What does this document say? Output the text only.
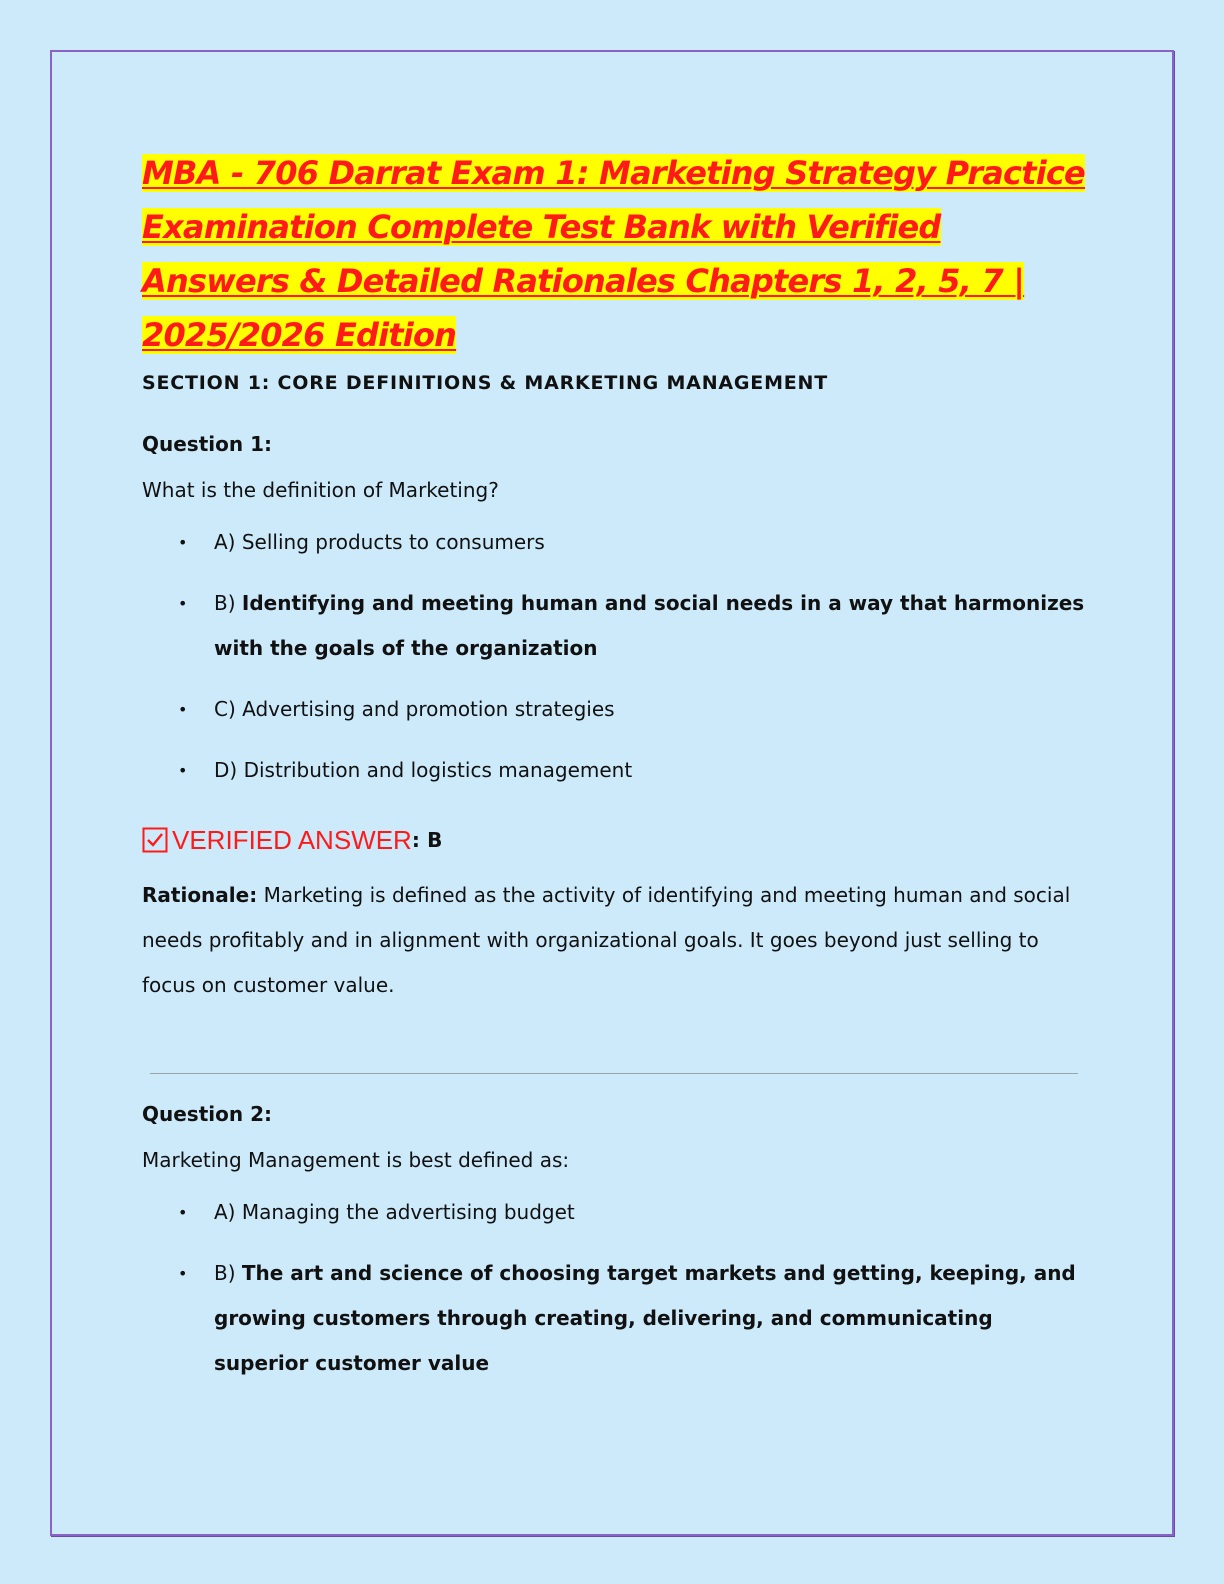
MBA - 706 Darrat Exam 1: Marketing Strategy Practice Examination Complete Test Bank with Verified Answers & Detailed Rationales Chapters 1, 2, 5, 7 | 2025/2026 Edition
SECTION 1: CORE DEFINITIONS & MARKETING MANAGEMENT

Question 1:

What is the definition of Marketing?

• A) Selling products to consumers
• B) Identifying and meeting human and social needs in a way that harmonizes with the goals of the organization
• C) Advertising and promotion strategies
• D) Distribution and logistics management

VERIFIED ANSWER :
B

Rationale: Marketing is defined as the activity of identifying and meeting human and social needs profitably and in alignment with organizational goals. It goes beyond just selling to focus on customer value.

Question 2:

Marketing Management is best defined as:

• A) Managing the advertising budget
• B) The art and science of choosing target markets and getting, keeping, and growing customers through creating, delivering, and communicating superior customer value
